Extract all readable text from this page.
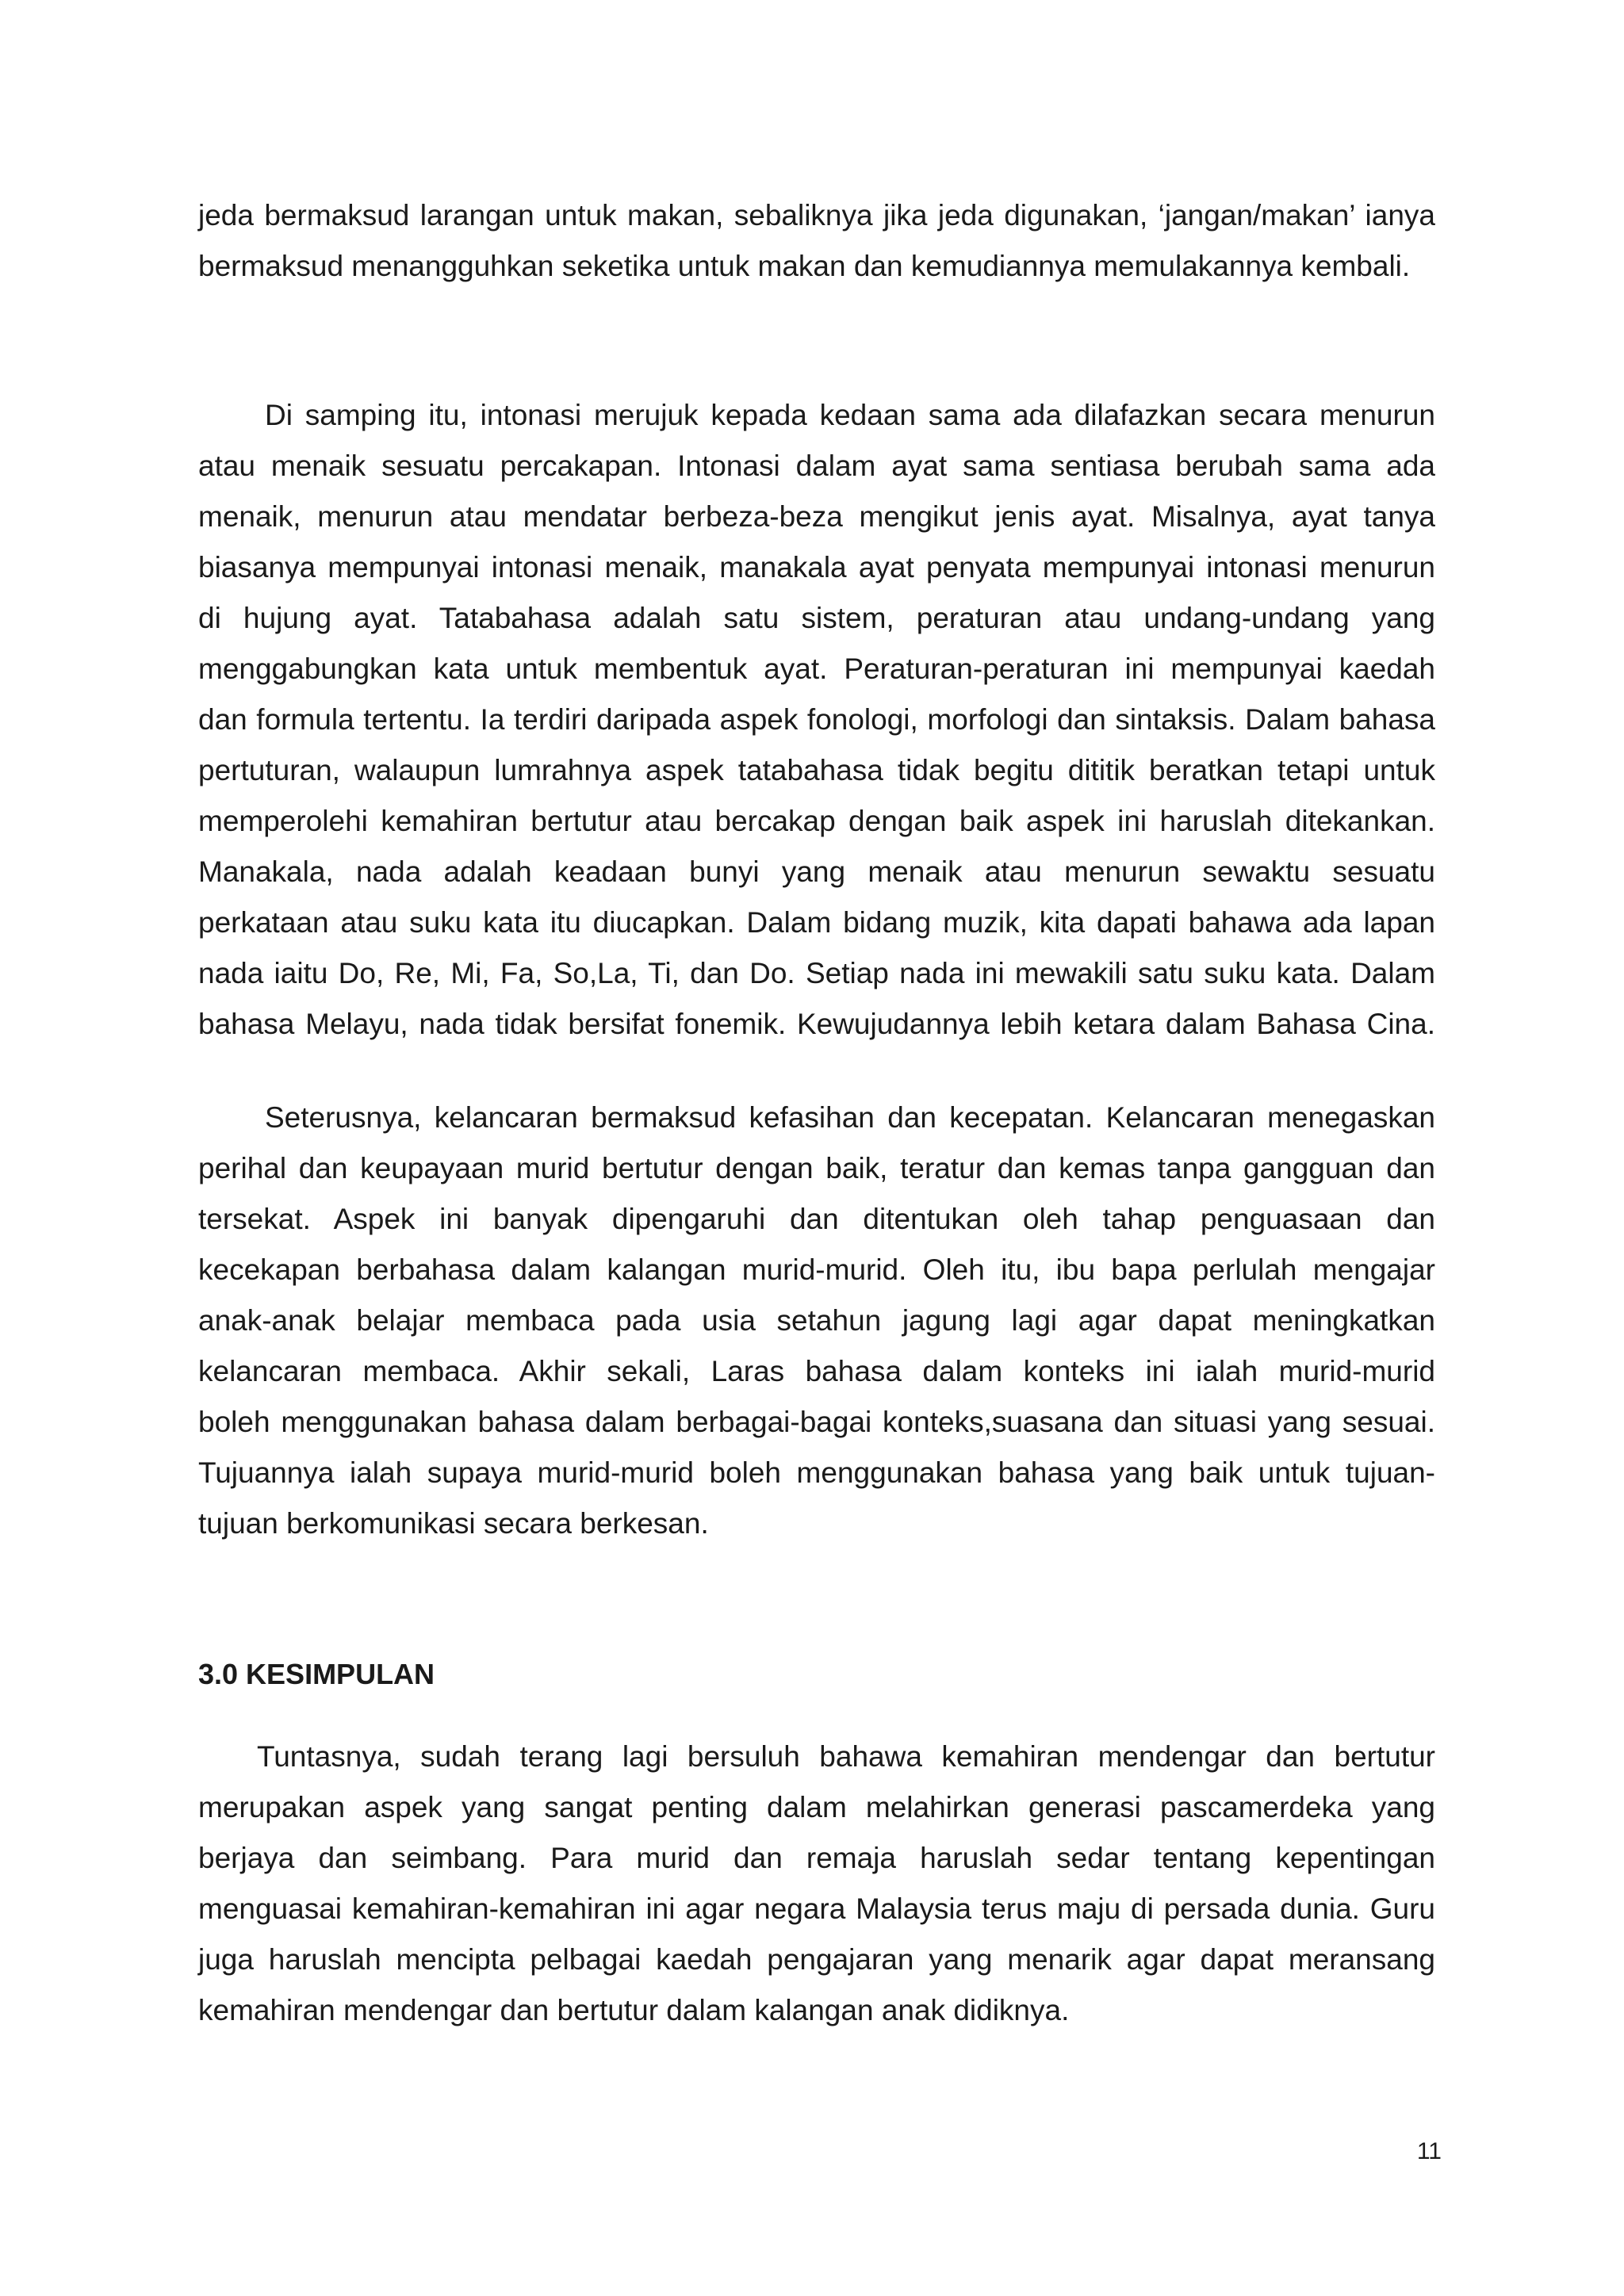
jeda bermaksud larangan untuk makan, sebaliknya jika jeda digunakan, ‘jangan/makan’ ianya
bermaksud menangguhkan seketika untuk makan dan kemudiannya memulakannya kembali.
Di samping itu, intonasi merujuk kepada kedaan sama ada dilafazkan secara menurun
atau menaik sesuatu percakapan. Intonasi dalam ayat sama sentiasa berubah sama ada
menaik, menurun atau mendatar berbeza-beza mengikut jenis ayat. Misalnya, ayat tanya
biasanya mempunyai intonasi menaik, manakala ayat penyata mempunyai intonasi menurun
di hujung ayat. Tatabahasa adalah satu sistem, peraturan atau undang-undang yang
menggabungkan kata untuk membentuk ayat. Peraturan-peraturan ini mempunyai kaedah
dan formula tertentu. Ia terdiri daripada aspek fonologi, morfologi dan sintaksis. Dalam bahasa
pertuturan, walaupun lumrahnya aspek tatabahasa tidak begitu dititik beratkan tetapi untuk
memperolehi kemahiran bertutur atau bercakap dengan baik aspek ini haruslah ditekankan.
Manakala, nada adalah keadaan bunyi yang menaik atau menurun sewaktu sesuatu
perkataan atau suku kata itu diucapkan. Dalam bidang muzik, kita dapati bahawa ada lapan
nada iaitu Do, Re, Mi, Fa, So,La, Ti, dan Do. Setiap nada ini mewakili satu suku kata. Dalam
bahasa Melayu, nada tidak bersifat fonemik. Kewujudannya lebih ketara dalam Bahasa Cina.
Seterusnya, kelancaran bermaksud kefasihan dan kecepatan. Kelancaran menegaskan
perihal dan keupayaan murid bertutur dengan baik, teratur dan kemas tanpa gangguan dan
tersekat. Aspek ini banyak dipengaruhi dan ditentukan oleh tahap penguasaan dan
kecekapan berbahasa dalam kalangan murid-murid. Oleh itu, ibu bapa perlulah mengajar
anak-anak belajar membaca pada usia setahun jagung lagi agar dapat meningkatkan
kelancaran membaca. Akhir sekali, Laras bahasa dalam konteks ini ialah murid-murid
boleh menggunakan bahasa dalam berbagai-bagai konteks,suasana dan situasi yang sesuai.
Tujuannya ialah supaya murid-murid boleh menggunakan bahasa yang baik untuk tujuan-
tujuan berkomunikasi secara berkesan.
3.0 KESIMPULAN
Tuntasnya, sudah terang lagi bersuluh bahawa kemahiran mendengar dan bertutur
merupakan aspek yang sangat penting dalam melahirkan generasi pascamerdeka yang
berjaya dan seimbang. Para murid dan remaja haruslah sedar tentang kepentingan
menguasai kemahiran-kemahiran ini agar negara Malaysia terus maju di persada dunia. Guru
juga haruslah mencipta pelbagai kaedah pengajaran yang menarik agar dapat meransang
kemahiran mendengar dan bertutur dalam kalangan anak didiknya.
11
